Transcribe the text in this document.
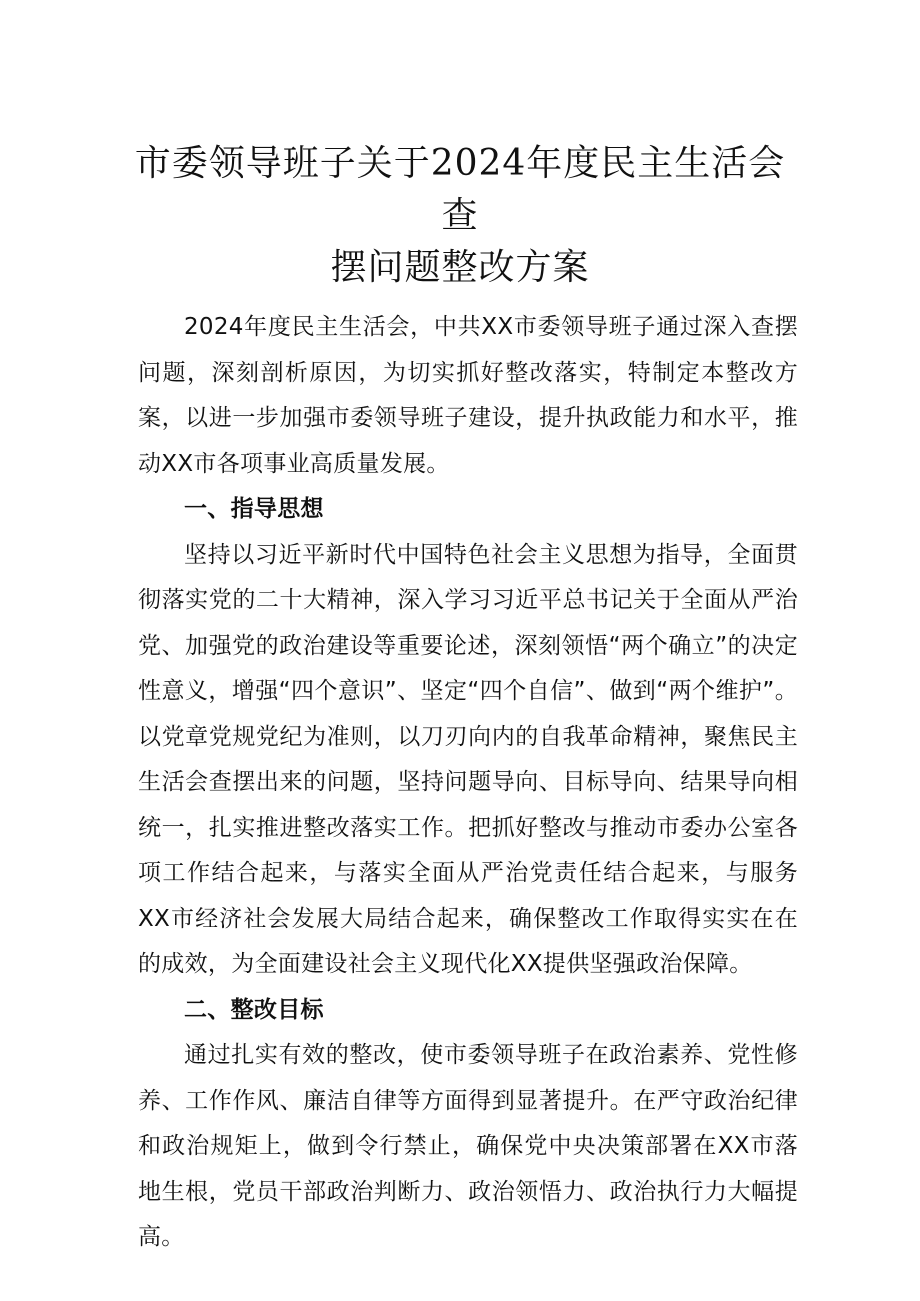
市委领导班子关于2024年度民主生活会查
摆问题整改方案

2024年度民主生活会，中共XX市委领导班子通过深入查摆问题，深刻剖析原因，为切实抓好整改落实，特制定本整改方案，以进一步加强市委领导班子建设，提升执政能力和水平，推动XX市各项事业高质量发展。

一、指导思想

坚持以习近平新时代中国特色社会主义思想为指导，全面贯彻落实党的二十大精神，深入学习习近平总书记关于全面从严治党、加强党的政治建设等重要论述，深刻领悟“两个确立”的决定性意义，增强“四个意识”、坚定“四个自信”、做到“两个维护”。以党章党规党纪为准则，以刀刃向内的自我革命精神，聚焦民主生活会查摆出来的问题，坚持问题导向、目标导向、结果导向相统一，扎实推进整改落实工作。把抓好整改与推动市委办公室各项工作结合起来，与落实全面从严治党责任结合起来，与服务XX市经济社会发展大局结合起来，确保整改工作取得实实在在的成效，为全面建设社会主义现代化XX提供坚强政治保障。

二、整改目标

通过扎实有效的整改，使市委领导班子在政治素养、党性修养、工作作风、廉洁自律等方面得到显著提升。在严守政治纪律和政治规矩上，做到令行禁止，确保党中央决策部署在XX市落地生根，党员干部政治判断力、政治领悟力、政治执行力大幅提高。
